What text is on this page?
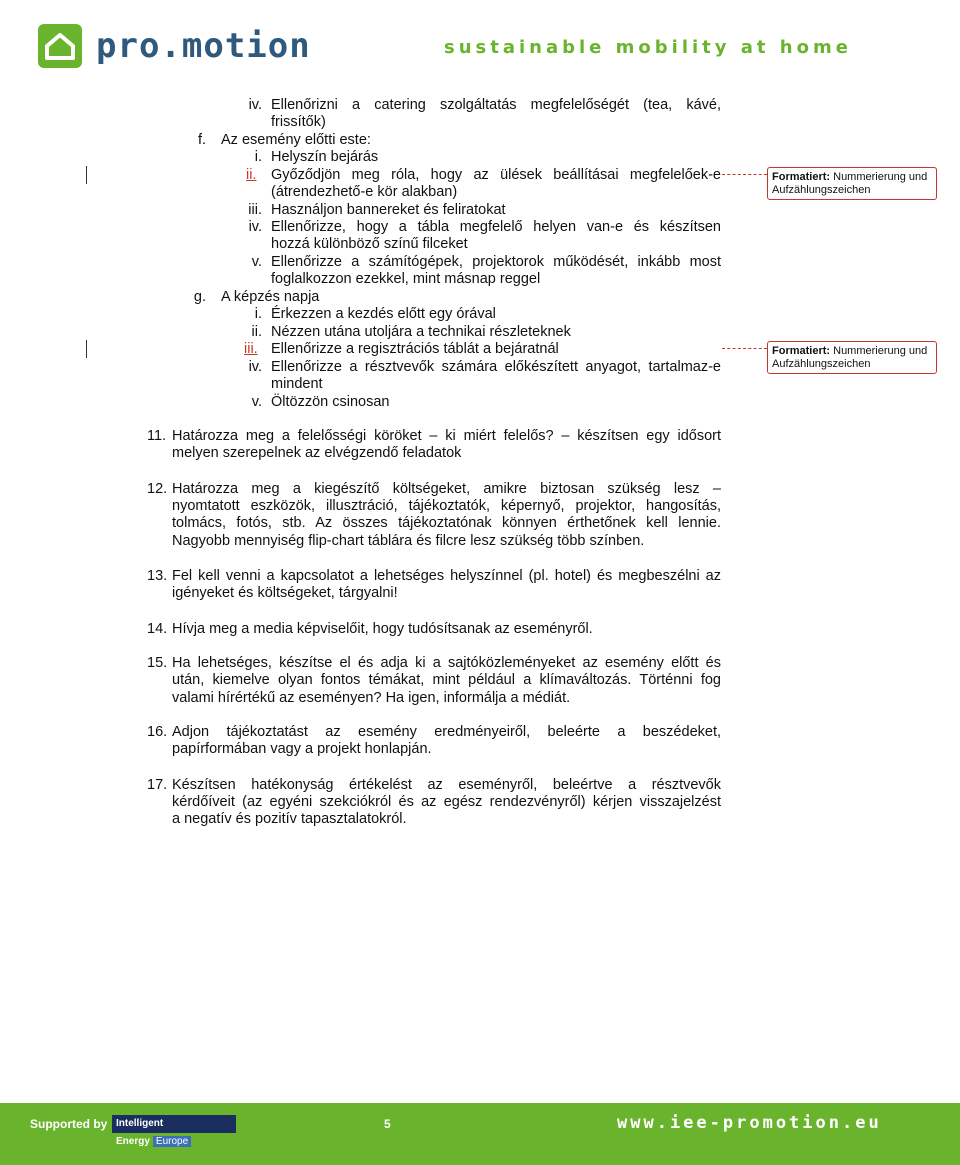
pro.motion	sustainable mobility at home
iv. Ellenőrizni a catering szolgáltatás megfelelőségét (tea, kávé,
frissítők)
f. Az esemény előtti este:
i. Helyszín bejárás
ii.	Győződjön meg róla, hogy az ülések beállításai megfelelőek-e
(átrendezhető-e kör alakban)
iii. Használjon bannereket és feliratokat
iv. Ellenőrizze, hogy a tábla megfelelő helyen van-e és készítsen
hozzá különböző színű filceket
v. Ellenőrizze a számítógépek, projektorok működését, inkább most
foglalkozzon ezekkel, mint másnap reggel
g. A képzés napja
i. Érkezzen a kezdés előtt egy órával
ii. Nézzen utána utoljára a technikai részleteknek
iii. Ellenőrizze a regisztrációs táblát a bejáratnál
iv. Ellenőrizze a résztvevők számára előkészített anyagot, tartalmaz-e
mindent
v. Öltözzön csinosan
Formatiert: Nummerierung und Aufzählungszeichen
Formatiert: Nummerierung und Aufzählungszeichen
11. Határozza meg a felelősségi köröket – ki miért felelős? – készítsen egy idősort
melyen szerepelnek az elvégzendő feladatok
12. Határozza meg a kiegészítő költségeket, amikre biztosan szükség lesz –
nyomtatott eszközök, illusztráció, tájékoztatók, képernyő, projektor, hangosítás,
tolmács, fotós, stb. Az összes tájékoztatónak könnyen érthetőnek kell lennie.
Nagyobb mennyiség flip-chart táblára és filcre lesz szükség több színben.
13. Fel kell venni a kapcsolatot a lehetséges helyszínnel (pl. hotel) és megbeszélni az
igényeket és költségeket, tárgyalni!
14. Hívja meg a media képviselőit, hogy tudósítsanak az eseményről.
15. Ha lehetséges, készítse el és adja ki a sajtóközleményeket az esemény előtt és
után, kiemelve olyan fontos témákat, mint például a klímaváltozás. Történni fog
valami hírértékű az eseményen? Ha igen, informálja a médiát.
16. Adjon tájékoztatást az esemény eredményeiről, beleérte a beszédeket,
papírformában vagy a projekt honlapján.
17. Készítsen hatékonyság értékelést az eseményről, beleértve a résztvevők
kérdőíveit (az egyéni szekciókról és az egész rendezvényről) kérjen visszajelzést
a negatív és pozitív tapasztalatokról.
Supported by Intelligent Energy Europe
5	www.iee-promotion.eu
